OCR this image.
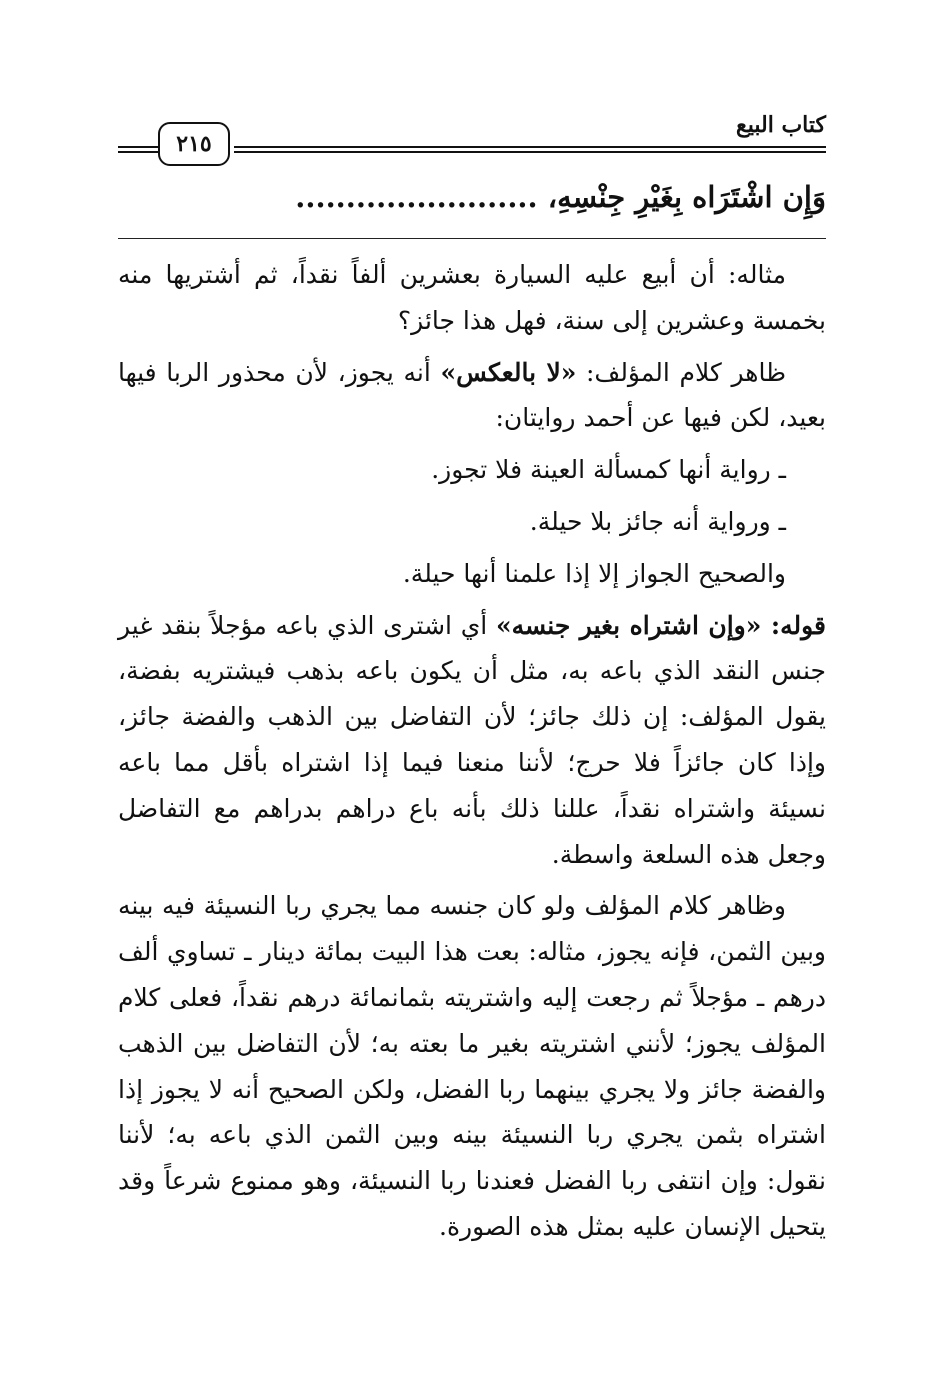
كتاب البيع
٢١٥
وَإِن اشْتَرَاه بِغَيْرِ جِنْسِهِ، ........................

مثاله: أن أبيع عليه السيارة بعشرين ألفاً نقداً، ثم أشتريها منه بخمسة وعشرين إلى سنة، فهل هذا جائز؟

ظاهر كلام المؤلف: «لا بالعكس» أنه يجوز، لأن محذور الربا فيها بعيد، لكن فيها عن أحمد روايتان:

ـ رواية أنها كمسألة العينة فلا تجوز.

ـ ورواية أنه جائز بلا حيلة.

والصحيح الجواز إلا إذا علمنا أنها حيلة.

قوله: «وإن اشتراه بغير جنسه» أي اشترى الذي باعه مؤجلاً بنقد غير جنس النقد الذي باعه به، مثل أن يكون باعه بذهب فيشتريه بفضة، يقول المؤلف: إن ذلك جائز؛ لأن التفاضل بين الذهب والفضة جائز، وإذا كان جائزاً فلا حرج؛ لأننا منعنا فيما إذا اشتراه بأقل مما باعه نسيئة واشتراه نقداً، عللنا ذلك بأنه باع دراهم بدراهم مع التفاضل وجعل هذه السلعة واسطة.

وظاهر كلام المؤلف ولو كان جنسه مما يجري ربا النسيئة فيه بينه وبين الثمن، فإنه يجوز، مثاله: بعت هذا البيت بمائة دينار ـ تساوي ألف درهم ـ مؤجلاً ثم رجعت إليه واشتريته بثمانمائة درهم نقداً، فعلى كلام المؤلف يجوز؛ لأنني اشتريته بغير ما بعته به؛ لأن التفاضل بين الذهب والفضة جائز ولا يجري بينهما ربا الفضل، ولكن الصحيح أنه لا يجوز إذا اشتراه بثمن يجري ربا النسيئة بينه وبين الثمن الذي باعه به؛ لأننا نقول: وإن انتفى ربا الفضل فعندنا ربا النسيئة، وهو ممنوع شرعاً وقد يتحيل الإنسان عليه بمثل هذه الصورة.
